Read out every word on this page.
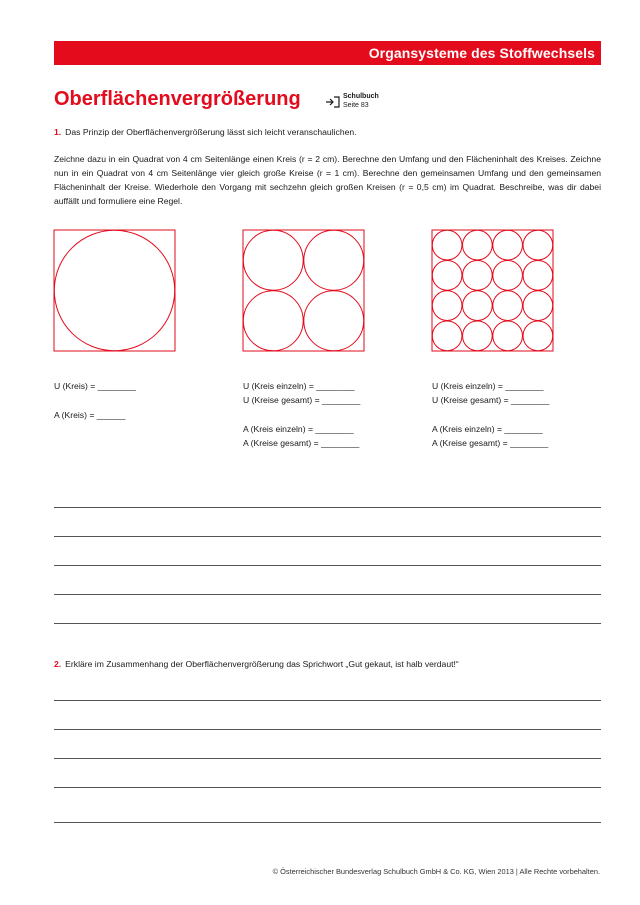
Organsysteme des Stoffwechsels
Oberflächenvergrößerung	Schulbuch
Seite 83
1. Das Prinzip der Oberflächenvergrößerung lässt sich leicht veranschaulichen.
Zeichne dazu in ein Quadrat von 4 cm Seitenlänge einen Kreis (r = 2 cm). Berechne den Umfang und den Flächeninhalt des Kreises. Zeichne nun in ein Quadrat von 4 cm Seitenlänge vier gleich große Kreise (r = 1 cm). Berechne den gemeinsamen Umfang und den gemeinsamen Flächeninhalt der Kreise. Wiederhole den Vorgang mit sechzehn gleich großen Kreisen (r = 0,5 cm) im Quadrat. Beschreibe, was dir dabei auffällt und formuliere eine Regel.
U (Kreis) = ________
A (Kreis) = ______
U (Kreis einzeln) = ________
U (Kreise gesamt) = ________
A (Kreis einzeln) = ________
A (Kreise gesamt) = ________
U (Kreis einzeln) = ________
U (Kreise gesamt) = ________
A (Kreis einzeln) = ________
A (Kreise gesamt) = ________
2. Erkläre im Zusammenhang der Oberflächenvergrößerung das Sprichwort „Gut gekaut, ist halb verdaut!“
© Österreichischer Bundesverlag Schulbuch GmbH & Co. KG, Wien 2013 | Alle Rechte vorbehalten.
